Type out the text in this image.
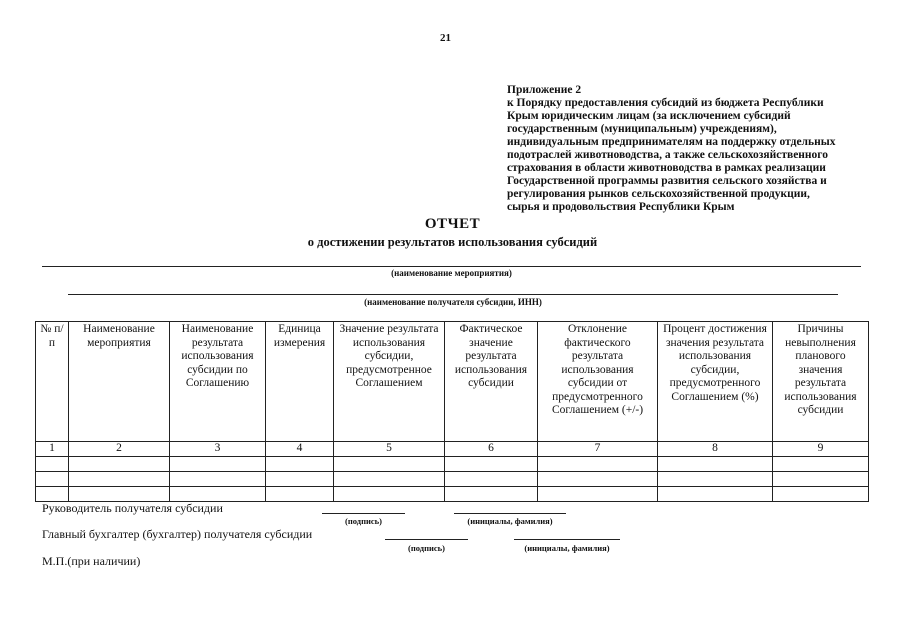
21
Приложение 2
к Порядку предоставления субсидий из бюджета Республики
Крым юридическим лицам (за исключением субсидий
государственным (муниципальным) учреждениям),
индивидуальным предпринимателям на поддержку отдельных
подотраслей животноводства, а также сельскохозяйственного
страхования в области животноводства в рамках реализации
Государственной программы развития сельского хозяйства и
регулирования рынков сельскохозяйственной продукции,
сырья и продовольствия Республики Крым
ОТЧЕТ
о достижении результатов использования субсидий
(наименование мероприятия)
(наименование получателя субсидии, ИНН)
№ п/п	Наименование мероприятия	Наименование результата использования субсидии по Соглашению	Единица измерения	Значение результата использования субсидии, предусмотренное Соглашением	Фактическое значение результата использования субсидии	Отклонение фактического результата использования субсидии от предусмотренного Соглашением (+/-)	Процент достижения значения результата использования субсидии, предусмотренного Соглашением (%)	Причины невыполнения планового значения результата использования субсидии
1	2	3	4	5	6	7	8	9

Руководитель получателя субсидии
(подпись)	(инициалы, фамилия)
Главный бухгалтер (бухгалтер) получателя субсидии
(подпись)	(инициалы, фамилия)
М.П.(при наличии)
